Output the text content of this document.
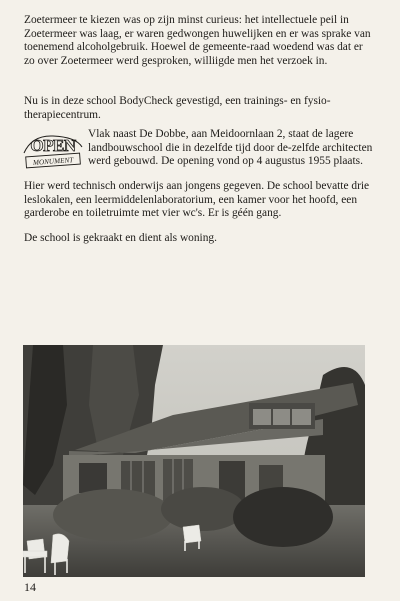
Zoetermeer te kiezen was op zijn minst curieus: het intellectuele peil in Zoetermeer was laag, er waren gedwongen huwelijken en er was sprake van toenemend alcoholgebruik. Hoewel de gemeente-raad woedend was dat er zo over Zoetermeer werd gesproken, williigde men het verzoek in.

Nu is in deze school BodyCheck gevestigd, een trainings- en fysio-therapiecentrum.

OPEN
MONUMENT

Vlak naast De Dobbe, aan Meidoornlaan 2, staat de lagere landbouwschool die in dezelfde tijd door de-zelfde architecten werd gebouwd. De opening vond op 4 augustus 1955 plaats.

Hier werd technisch onderwijs aan jongens gegeven. De school bevatte drie leslokalen, een leermiddelenlaboratorium, een kamer voor het hoofd, een garderobe en toiletruimte met vier wc's. Er is géén gang.

De school is gekraakt en dient als woning.

14
